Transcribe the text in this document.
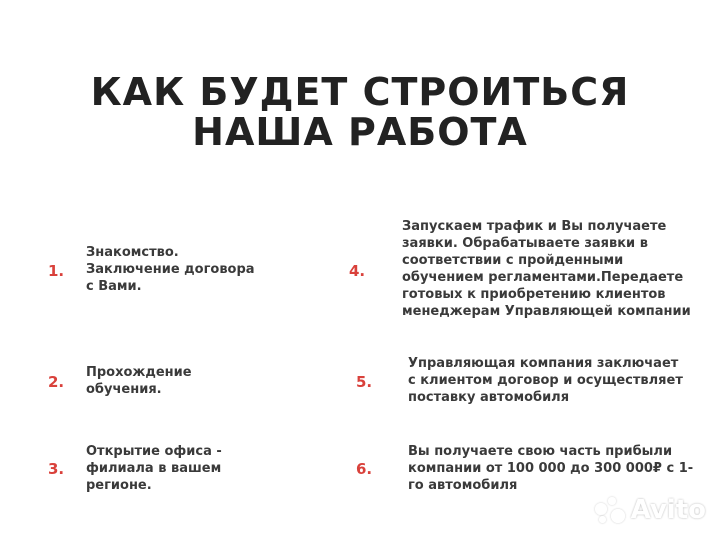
КАК БУДЕТ СТРОИТЬСЯ
НАША РАБОТА
1.
Знакомство.
Заключение договора
с Вами.
2.
Прохождение
обучения.
3.
Открытие офиса -
филиала в вашем
регионе.
4.
Запускаем трафик и Вы получаете
заявки. Обрабатываете заявки в
соответствии с пройденными
обучением регламентами.Передаете
готовых к приобретению клиентов
менеджерам Управляющей компании
5.
Управляющая компания заключает
с клиентом договор и осуществляет
поставку автомобиля
6.
Вы получаете свою часть прибыли
компании от 100 000 до 300 000₽ с 1-
го автомобиля
Avito
